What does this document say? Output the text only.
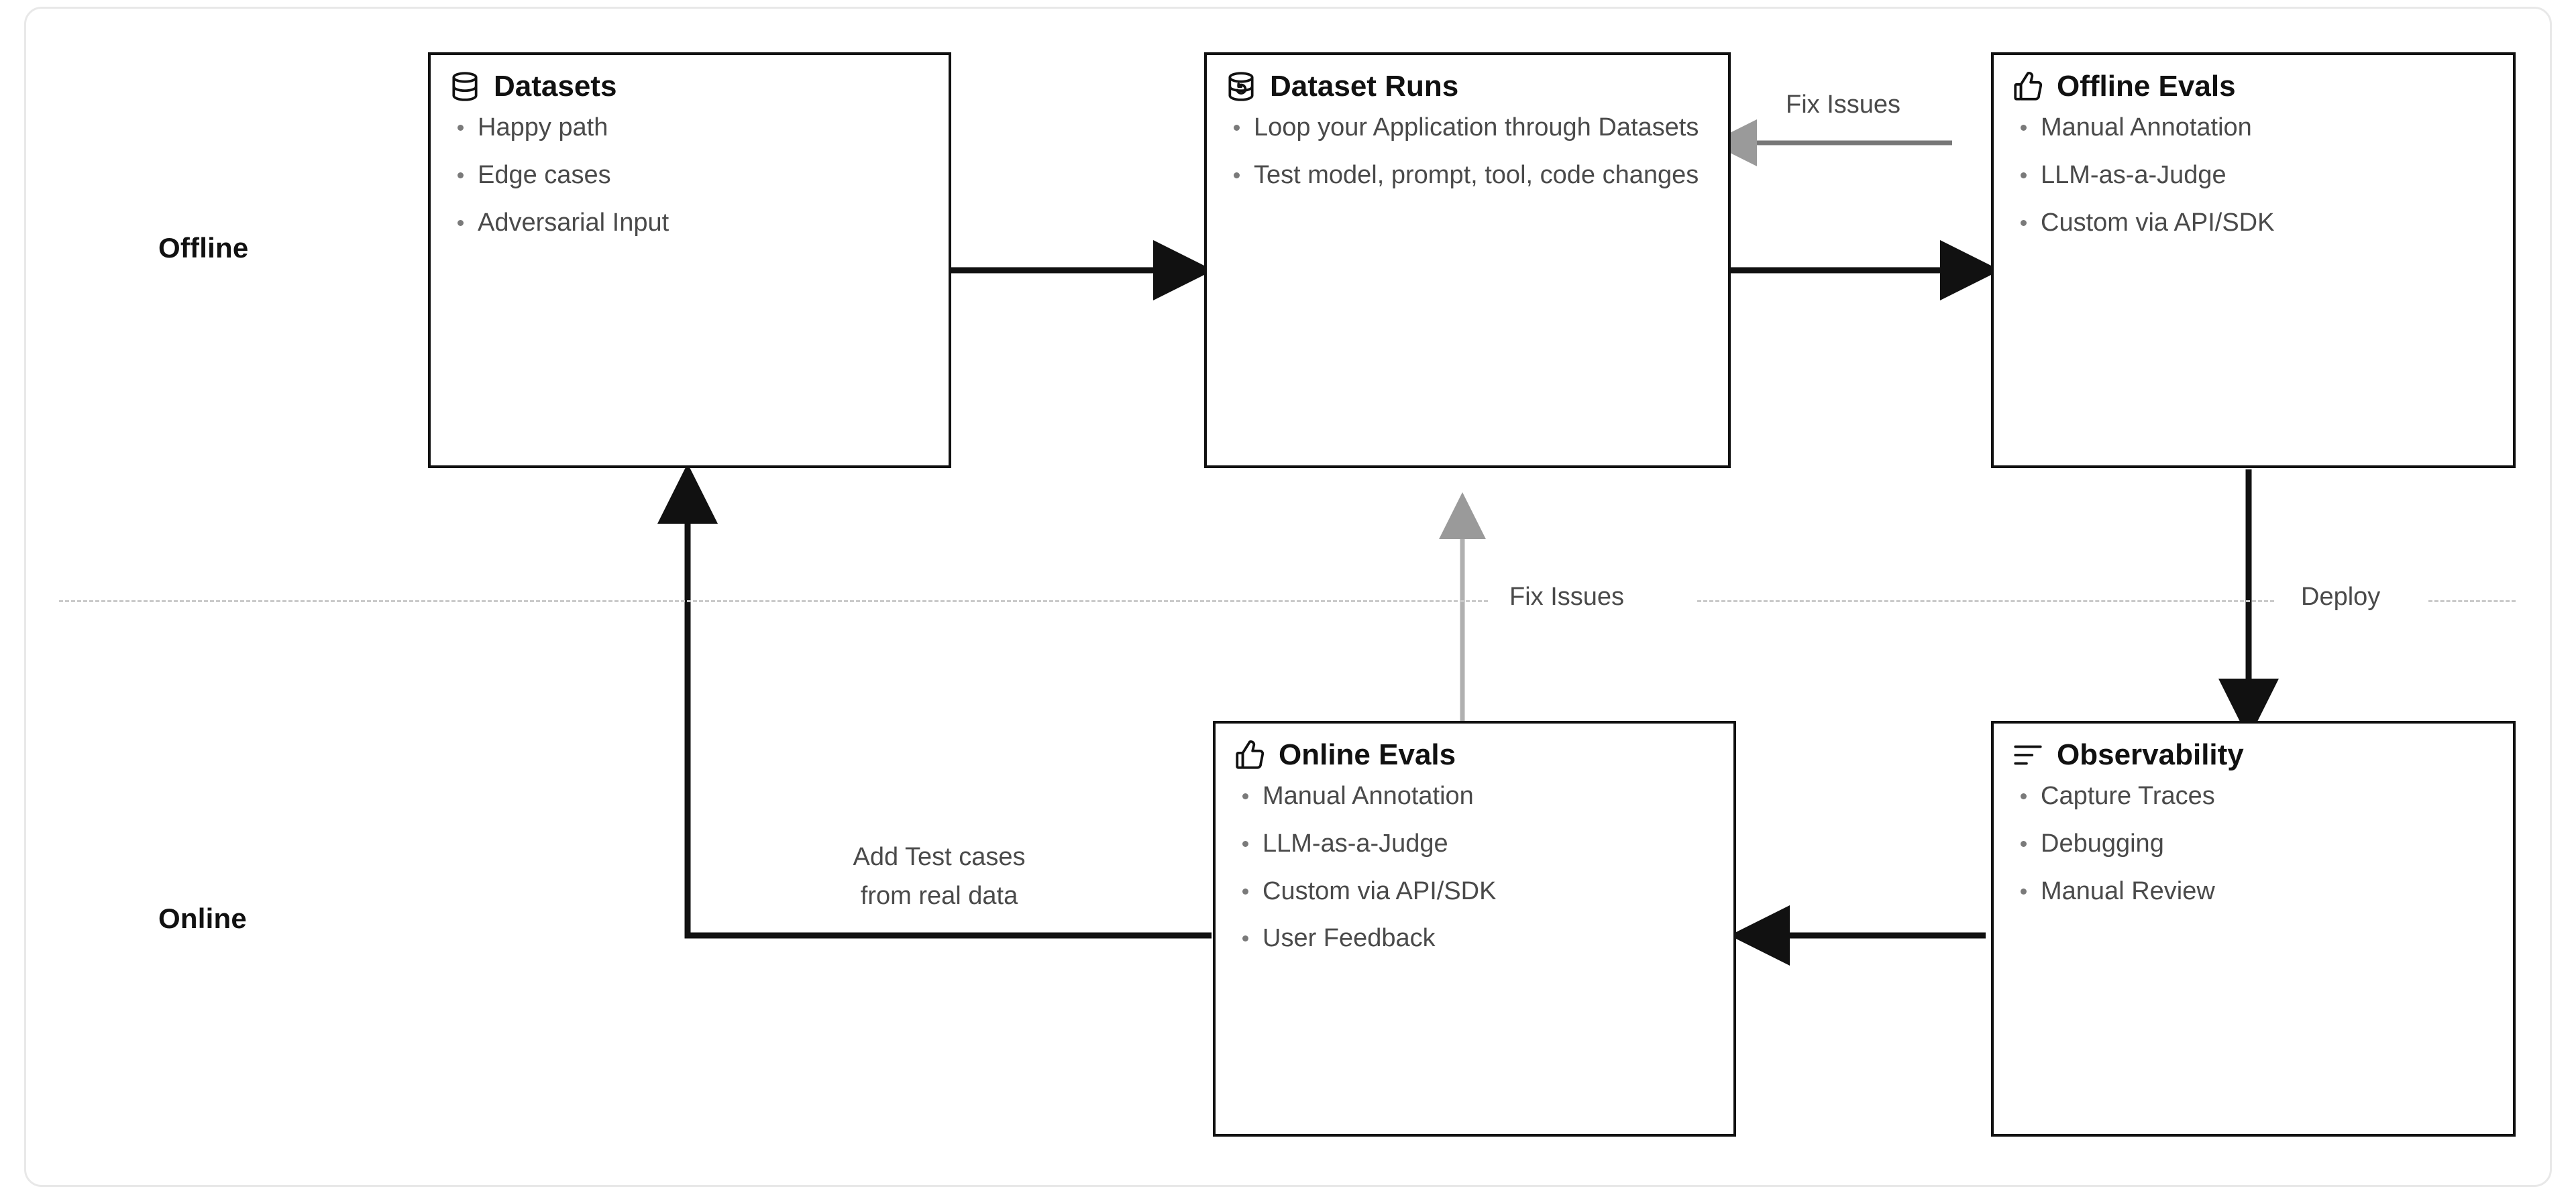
Offline
Online
Fix Issues
Fix Issues	Deploy
Add Test cases
from real data
Datasets
Happy path
Edge cases
Adversarial Input
Dataset Runs
Loop your Application through Datasets
Test model, prompt, tool, code changes
Offline Evals
Manual Annotation
LLM-as-a-Judge
Custom via API/SDK
Online Evals
Manual Annotation
LLM-as-a-Judge
Custom via API/SDK
User Feedback
Observability
Capture Traces
Debugging
Manual Review
